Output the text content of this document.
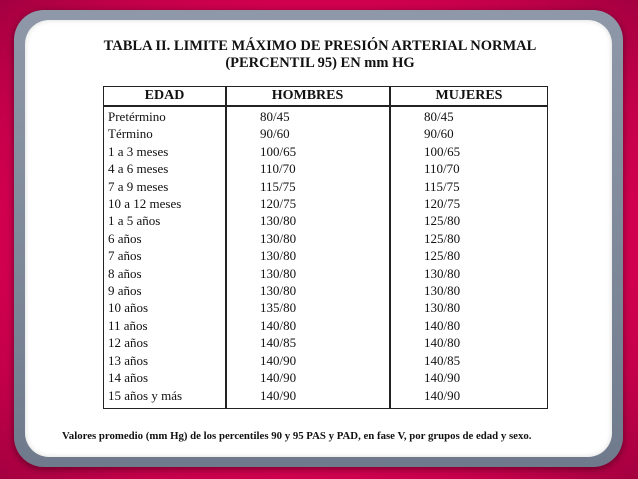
TABLA II. LIMITE MÁXIMO DE PRESIÓN ARTERIAL NORMAL
(PERCENTIL 95) EN mm HG
EDAD	HOMBRES	MUJERES
Pretérmino
Término
1 a 3 meses
4 a 6 meses
7 a 9 meses
10 a 12 meses
1 a 5 años
6 años
7 años
8 años
9 años
10 años
11 años
12 años
13 años
14 años
15 años y más
80/45
90/60
100/65
110/70
115/75
120/75
130/80
130/80
130/80
130/80
130/80
135/80
140/80
140/85
140/90
140/90
140/90
80/45
90/60
100/65
110/70
115/75
120/75
125/80
125/80
125/80
130/80
130/80
130/80
140/80
140/80
140/85
140/90
140/90
Valores promedio (mm Hg) de los percentiles 90 y 95 PAS y PAD, en fase V, por grupos de edad y sexo.
